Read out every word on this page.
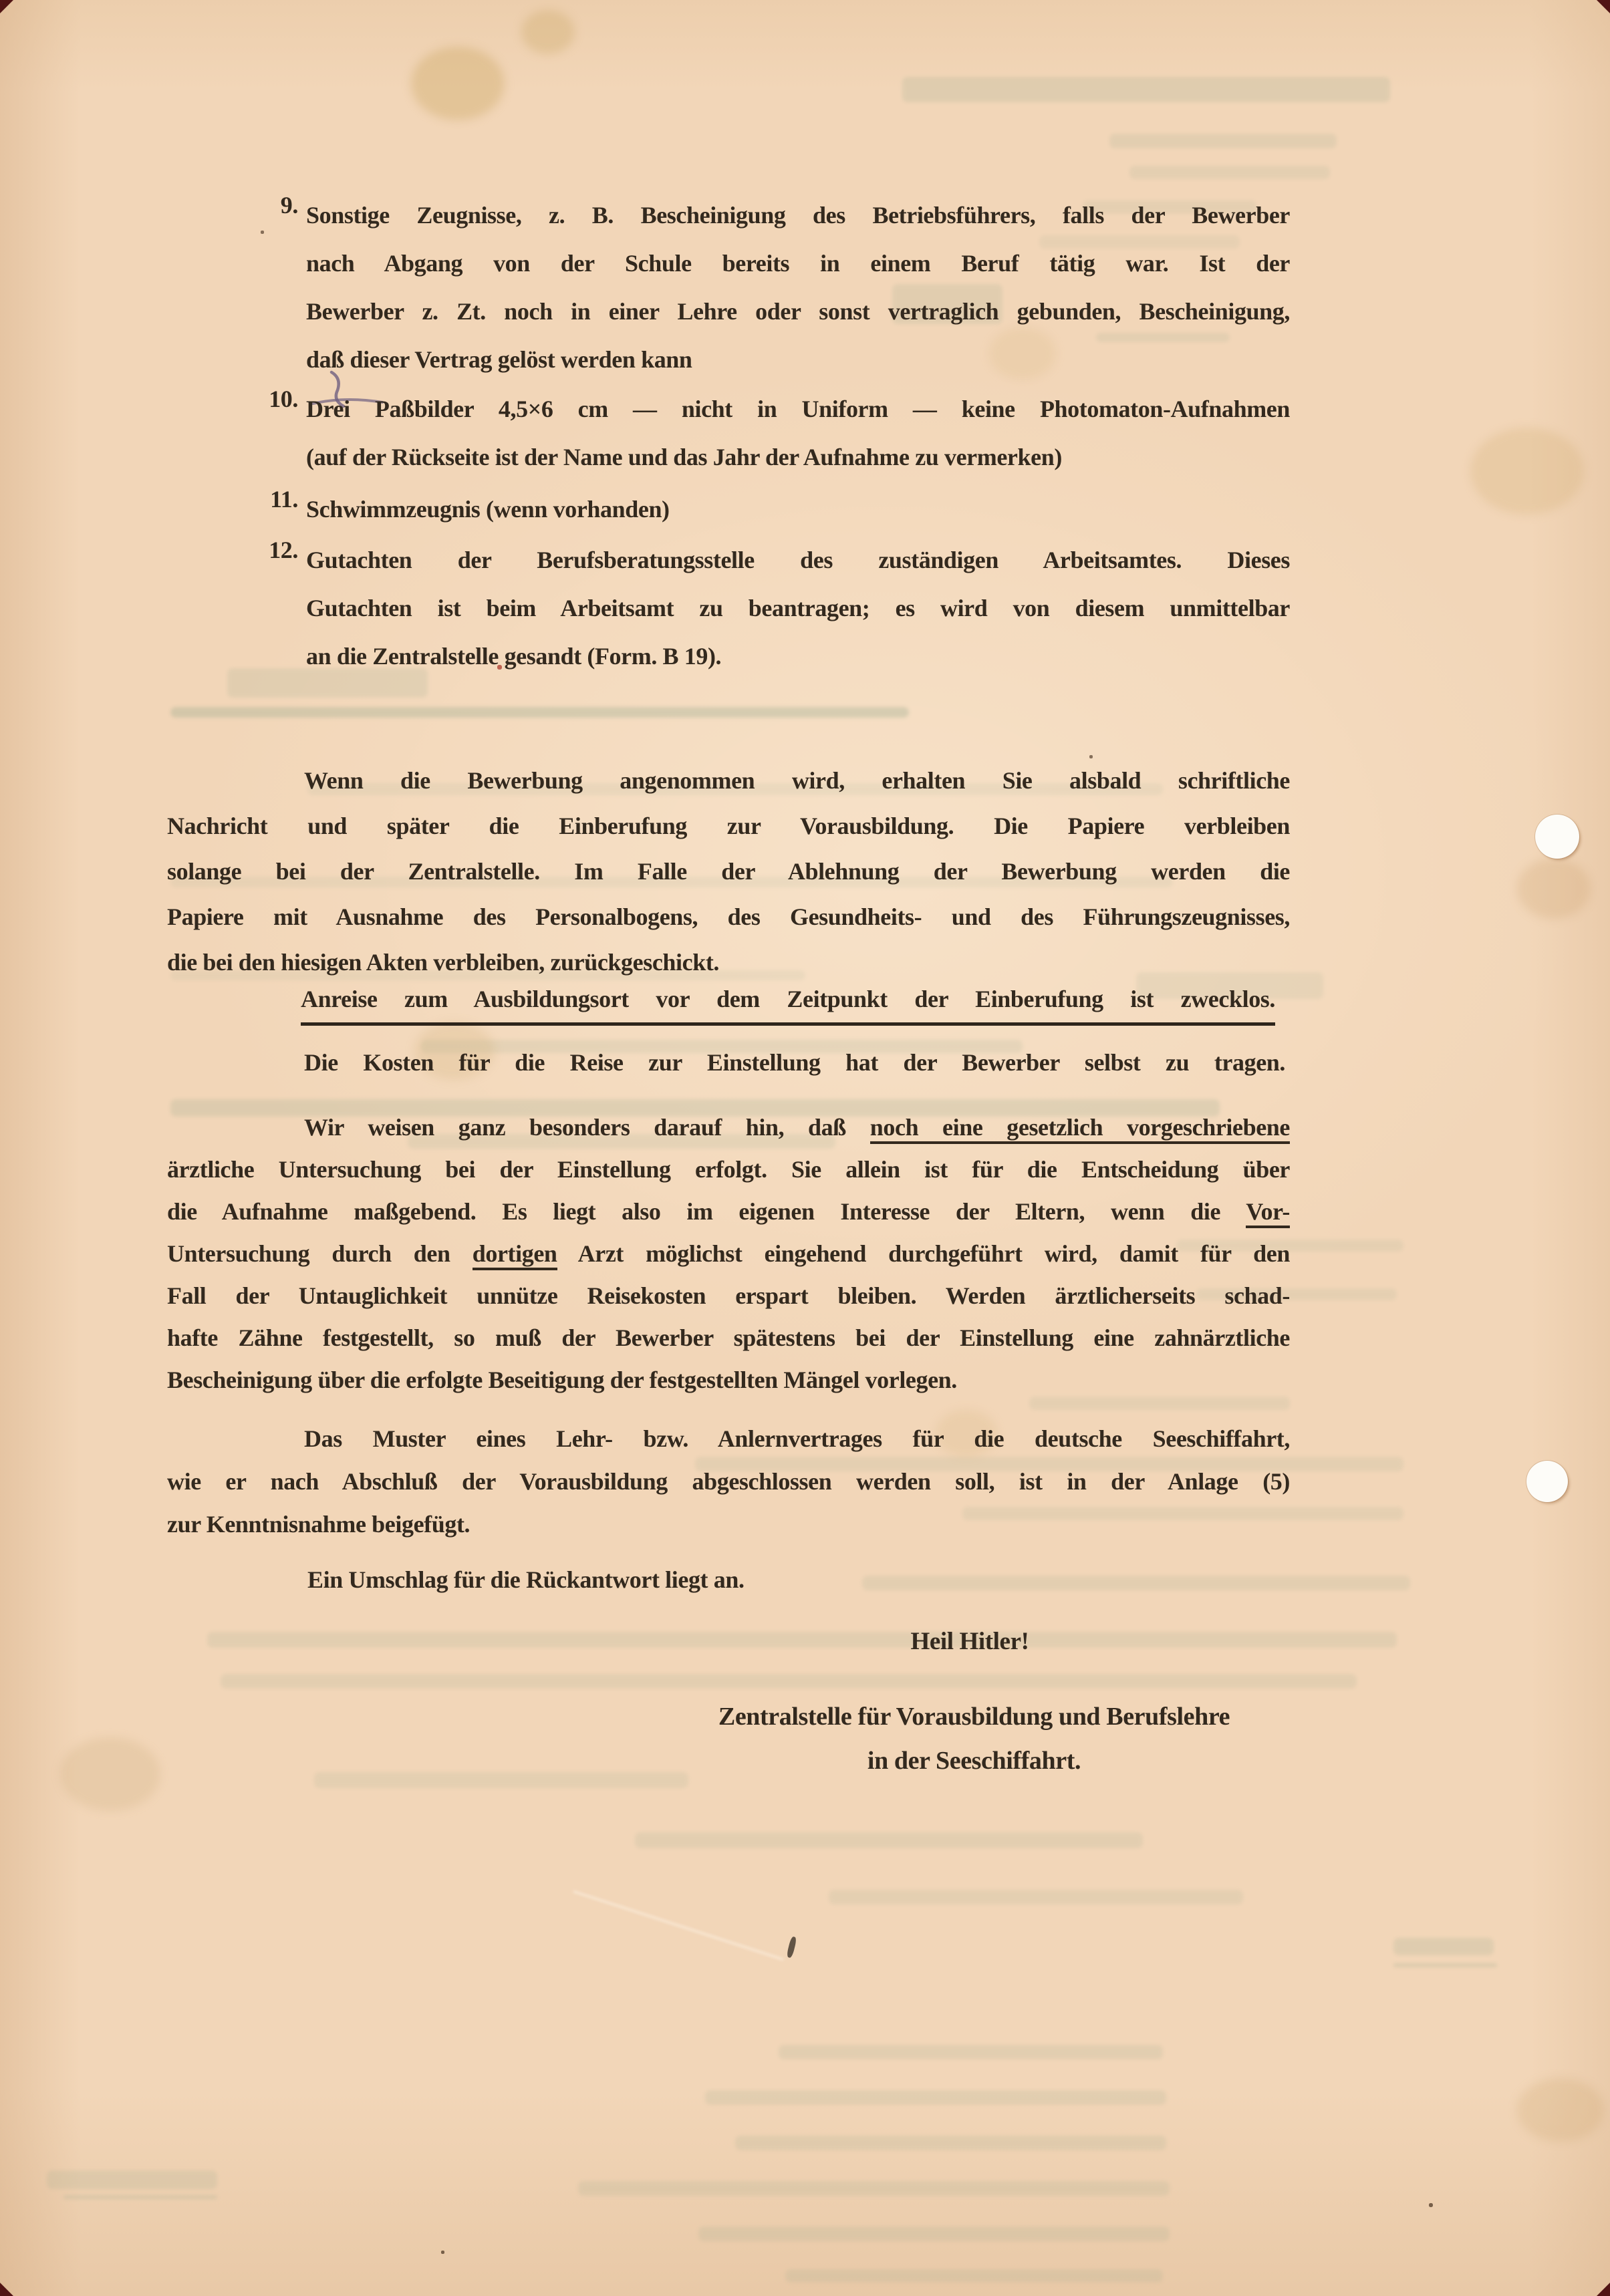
9. Sonstige Zeugnisse, z. B. Bescheinigung des Betriebsführers, falls der Bewerber
nach Abgang von der Schule bereits in einem Beruf tätig war. Ist der
Bewerber z. Zt. noch in einer Lehre oder sonst vertraglich gebunden, Bescheinigung,
daß dieser Vertrag gelöst werden kann
10. Drei Paßbilder 4,5×6 cm — nicht in Uniform — keine Photomaton-Aufnahmen
(auf der Rückseite ist der Name und das Jahr der Aufnahme zu vermerken)
11. Schwimmzeugnis (wenn vorhanden)
12. Gutachten der Berufsberatungsstelle des zuständigen Arbeitsamtes. Dieses
Gutachten ist beim Arbeitsamt zu beantragen; es wird von diesem unmittelbar
an die Zentralstelle gesandt (Form. B 19).
Wenn die Bewerbung angenommen wird, erhalten Sie alsbald schriftliche
Nachricht und später die Einberufung zur Vorausbildung. Die Papiere verbleiben
solange bei der Zentralstelle. Im Falle der Ablehnung der Bewerbung werden die
Papiere mit Ausnahme des Personalbogens, des Gesundheits- und des Führungszeugnisses,
die bei den hiesigen Akten verbleiben, zurückgeschickt.
Anreise zum Ausbildungsort vor dem Zeitpunkt der Einberufung ist zwecklos.
Die Kosten für die Reise zur Einstellung hat der Bewerber selbst zu tragen.
Wir weisen ganz besonders darauf hin, daß noch eine gesetzlich vorgeschriebene
ärztliche Untersuchung bei der Einstellung erfolgt. Sie allein ist für die Entscheidung über
die Aufnahme maßgebend. Es liegt also im eigenen Interesse der Eltern, wenn die Vor-
Untersuchung durch den dortigen Arzt möglichst eingehend durchgeführt wird, damit für den
Fall der Untauglichkeit unnütze Reisekosten erspart bleiben. Werden ärztlicherseits schad-
hafte Zähne festgestellt, so muß der Bewerber spätestens bei der Einstellung eine zahnärztliche
Bescheinigung über die erfolgte Beseitigung der festgestellten Mängel vorlegen.
Das Muster eines Lehr- bzw. Anlernvertrages für die deutsche Seeschiffahrt,
wie er nach Abschluß der Vorausbildung abgeschlossen werden soll, ist in der Anlage (5)
zur Kenntnisnahme beigefügt.
Ein Umschlag für die Rückantwort liegt an.
Heil Hitler!
Zentralstelle für Vorausbildung und Berufslehre
in der Seeschiffahrt.
